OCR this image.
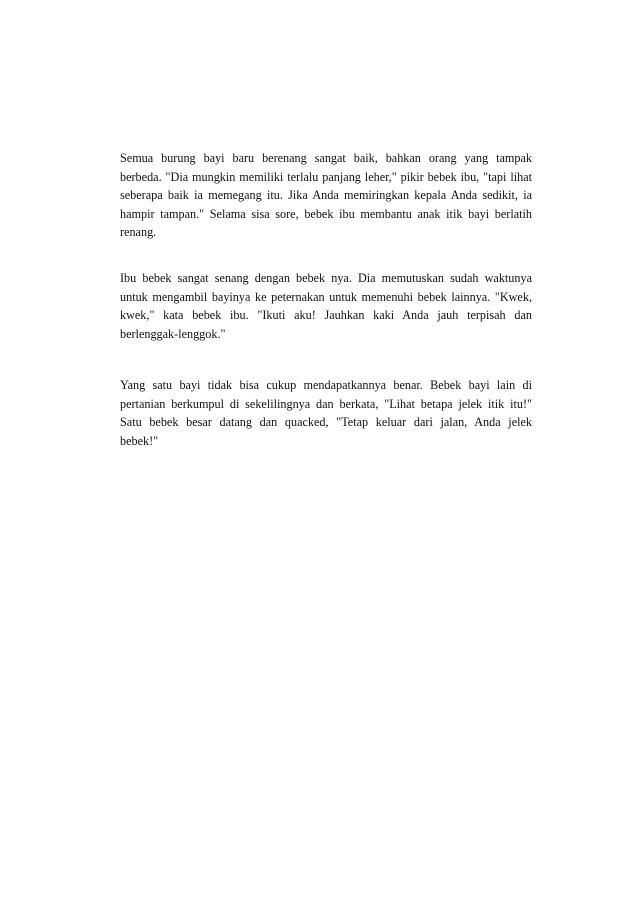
Semua burung bayi baru berenang sangat baik, bahkan orang yang tampak
berbeda. "Dia mungkin memiliki terlalu panjang leher," pikir bebek ibu, "tapi lihat
seberapa baik ia memegang itu. Jika Anda memiringkan kepala Anda sedikit, ia
hampir tampan." Selama sisa sore, bebek ibu membantu anak itik bayi berlatih
renang.

Ibu bebek sangat senang dengan bebek nya. Dia memutuskan sudah waktunya
untuk mengambil bayinya ke peternakan untuk memenuhi bebek lainnya. "Kwek,
kwek," kata bebek ibu. "Ikuti aku! Jauhkan kaki Anda jauh terpisah dan
berlenggak-lenggok."

Yang satu bayi tidak bisa cukup mendapatkannya benar. Bebek bayi lain di
pertanian berkumpul di sekelilingnya dan berkata, "Lihat betapa jelek itik itu!"
Satu bebek besar datang dan quacked, "Tetap keluar dari jalan, Anda jelek
bebek!"
